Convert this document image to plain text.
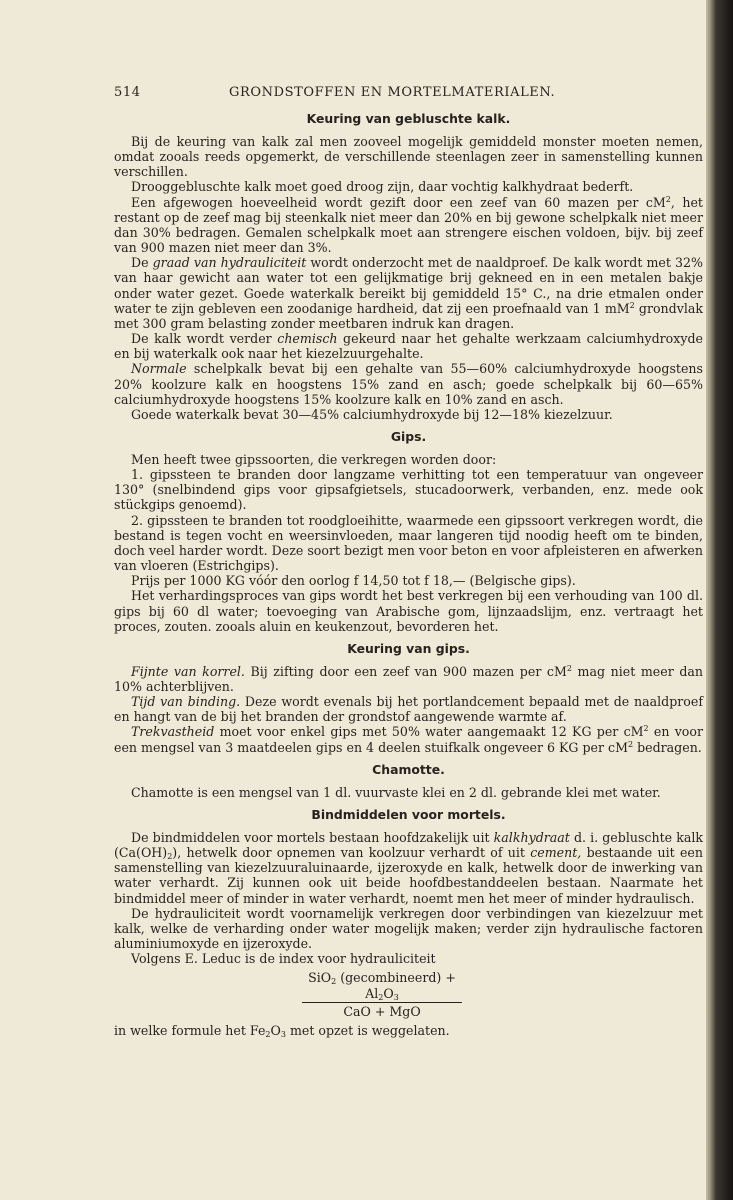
514	GRONDSTOFFEN EN MORTELMATERIALEN.
Keuring van gebluschte kalk.

Bij de keuring van kalk zal men zooveel mogelijk gemiddeld monster moeten nemen, omdat zooals reeds opgemerkt, de verschillende steenlagen zeer in samenstelling kunnen verschillen.

Drooggebluschte kalk moet goed droog zijn, daar vochtig kalkhydraat bederft.

Een afgewogen hoeveelheid wordt gezift door een zeef van 60 mazen per $cM^2$, het restant op de zeef mag bij steenkalk niet meer dan 20% en bij gewone schelpkalk niet meer dan 30% bedragen. Gemalen schelpkalk moet aan strengere eischen voldoen, bijv. bij zeef van 900 mazen niet meer dan 3%.

De graad van hydrauliciteit wordt onderzocht met de naaldproef. De kalk wordt met 32% van haar gewicht aan water tot een gelijkmatige brij gekneed en in een metalen bakje onder water gezet. Goede waterkalk bereikt bij gemiddeld 15° C., na drie etmalen onder water te zijn gebleven een zoodanige hardheid, dat zij een proefnaald van 1 $mM^2$ grondvlak met 300 gram belasting zonder meetbaren indruk kan dragen.

De kalk wordt verder chemisch gekeurd naar het gehalte werkzaam calciumhydroxyde en bij waterkalk ook naar het kiezelzuurgehalte.

Normale schelpkalk bevat bij een gehalte van 55—60% calciumhydroxyde hoogstens 20% koolzure kalk en hoogstens 15% zand en asch; goede schelpkalk bij 60—65% calciumhydroxyde hoogstens 15% koolzure kalk en 10% zand en asch.

Goede waterkalk bevat 30—45% calciumhydroxyde bij 12—18% kiezelzuur.

Gips.

Men heeft twee gipssoorten, die verkregen worden door:

1. gipssteen te branden door langzame verhitting tot een temperatuur van ongeveer 130° (snelbindend gips voor gipsafgietsels, stucadoorwerk, verbanden, enz. mede ook stückgips genoemd).

2. gipssteen te branden tot roodgloeihitte, waarmede een gipssoort verkregen wordt, die bestand is tegen vocht en weersinvloeden, maar langeren tijd noodig heeft om te binden, doch veel harder wordt. Deze soort bezigt men voor beton en voor afpleisteren en afwerken van vloeren (Estrichgips).

Prijs per 1000 KG vóór den oorlog f 14,50 tot f 18,— (Belgische gips).

Het verhardingsproces van gips wordt het best verkregen bij een verhouding van 100 dl. gips bij 60 dl water; toevoeging van Arabische gom, lijnzaadslijm, enz. vertraagt het proces, zouten. zooals aluin en keukenzout, bevorderen het.

Keuring van gips.

Fijnte van korrel. Bij zifting door een zeef van 900 mazen per $cM^2$ mag niet meer dan 10% achterblijven.

Tijd van binding. Deze wordt evenals bij het portlandcement bepaald met de naaldproef en hangt van de bij het branden der grondstof aangewende warmte af.

Trekvastheid moet voor enkel gips met 50% water aangemaakt 12 KG per $cM^2$ en voor een mengsel van 3 maatdeelen gips en 4 deelen stuifkalk ongeveer 6 KG per $cM^2$ bedragen.

Chamotte.

Chamotte is een mengsel van 1 dl. vuurvaste klei en 2 dl. gebrande klei met water.

Bindmiddelen voor mortels.

De bindmiddelen voor mortels bestaan hoofdzakelijk uit kalkhydraat d. i. gebluschte kalk $(Ca(OH)_2)$, hetwelk door opnemen van koolzuur verhardt of uit cement, bestaande uit een samenstelling van kiezelzuuraluinaarde, ijzeroxyde en kalk, hetwelk door de inwerking van water verhardt. Zij kunnen ook uit beide hoofdbestanddeelen bestaan. Naarmate het bindmiddel meer of minder in water verhardt, noemt men het meer of minder hydraulisch.

De hydrauliciteit wordt voornamelijk verkregen door verbindingen van kiezelzuur met kalk, welke de verharding onder water mogelijk maken; verder zijn hydraulische factoren aluminiumoxyde en ijzeroxyde.

Volgens E. Leduc is de index voor hydrauliciteit

SiO$_2$ (gecombineerd) + $Al_2O_3$
CaO + MgO

in welke formule het $Fe_2O_3$ met opzet is weggelaten.
